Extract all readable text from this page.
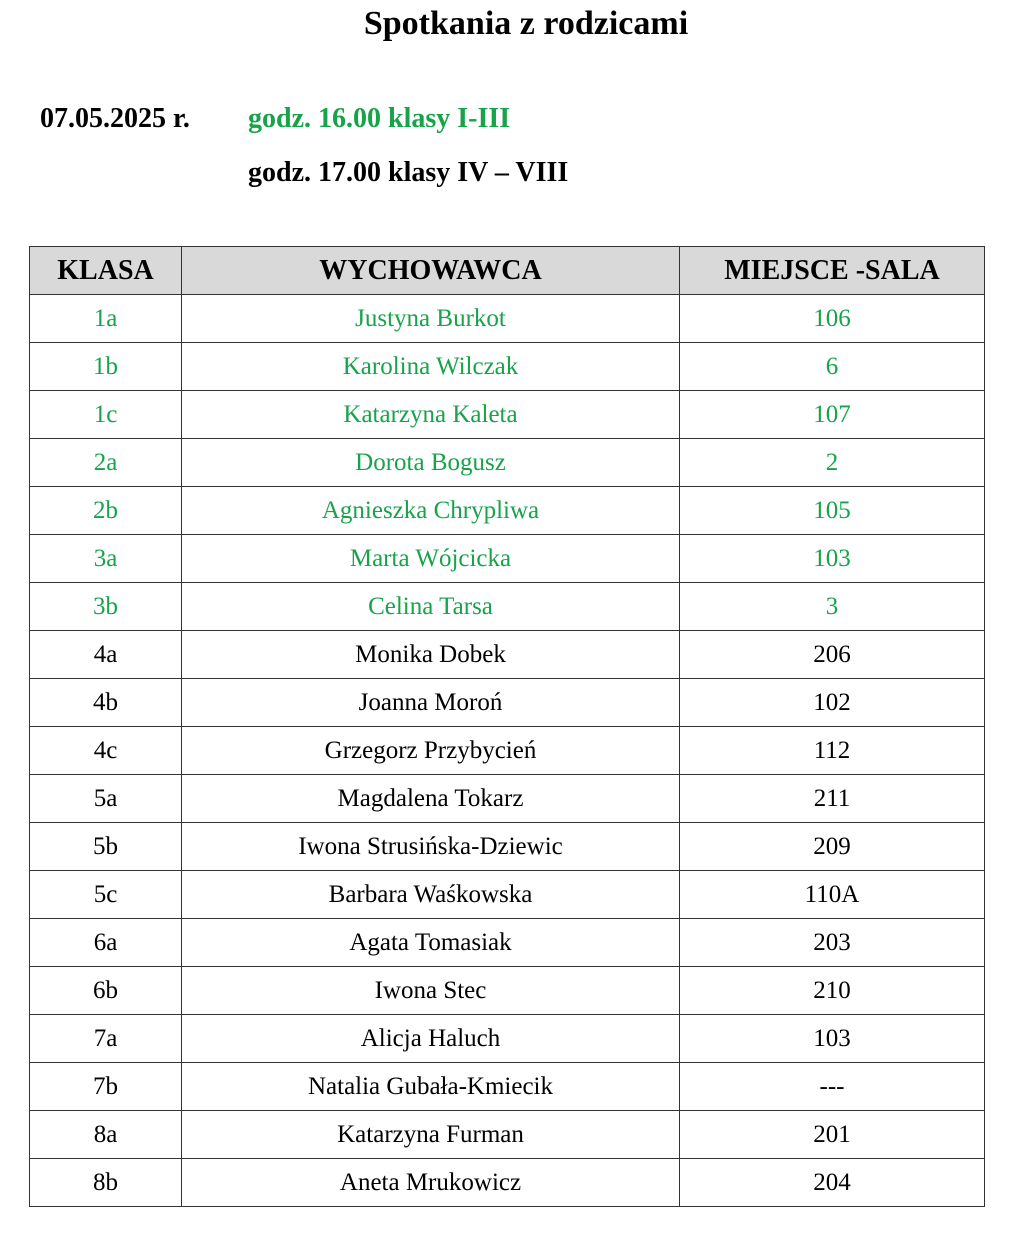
Spotkania z rodzicami
07.05.2025 r. godz. 16.00 klasy I-III
godz. 17.00 klasy IV – VIII
KLASA	WYCHOWAWCA	MIEJSCE -SALA
1a	Justyna Burkot	106
1b	Karolina Wilczak	6
1c	Katarzyna Kaleta	107
2a	Dorota Bogusz	2
2b	Agnieszka Chrypliwa	105
3a	Marta Wójcicka	103
3b	Celina Tarsa	3
4a	Monika Dobek	206
4b	Joanna Moroń	102
4c	Grzegorz Przybycień	112
5a	Magdalena Tokarz	211
5b	Iwona Strusińska-Dziewic	209
5c	Barbara Waśkowska	110A
6a	Agata Tomasiak	203
6b	Iwona Stec	210
7a	Alicja Haluch	103
7b	Natalia Gubała-Kmiecik	---
8a	Katarzyna Furman	201
8b	Aneta Mrukowicz	204
